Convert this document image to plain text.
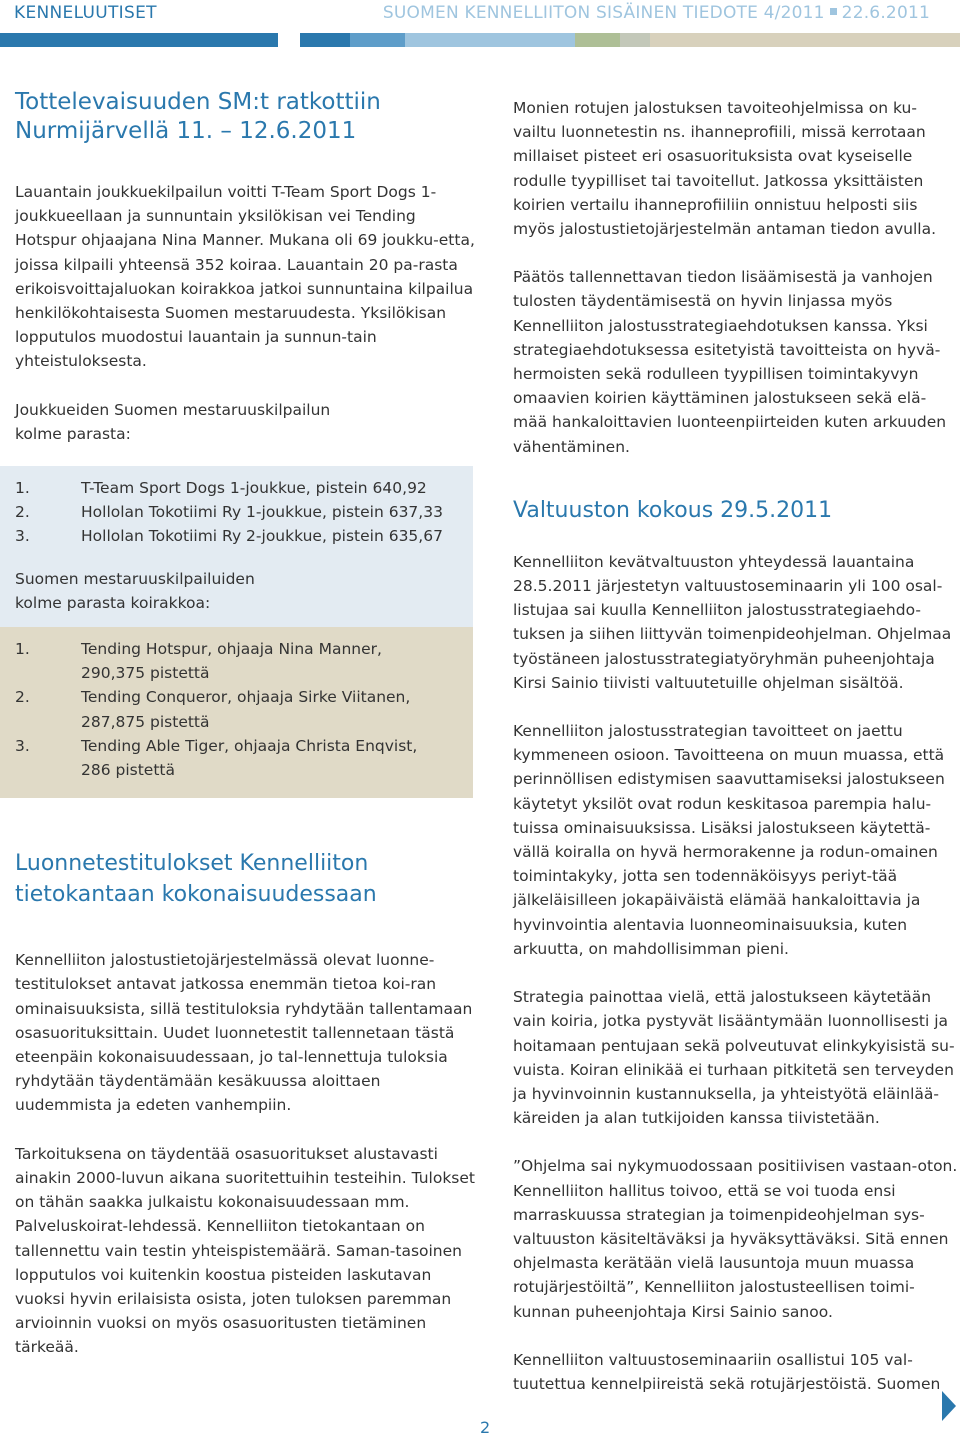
KENNELUUTISET	SUOMEN KENNELLIITON SISÄINEN TIEDOTE 4/2011 22.6.2011
Tottelevaisuuden SM:t ratkottiin
Nurmijärvellä 11. – 12.6.2011

Lauantain joukkuekilpailun voitti T-Team Sport Dogs 1-joukkueellaan ja sunnuntain yksilökisan vei Tending Hotspur ohjaajana Nina Manner. Mukana oli 69 joukku-etta, joissa kilpaili yhteensä 352 koiraa. Lauantain 20 pa-rasta erikoisvoittajaluokan koirakkoa jatkoi sunnuntaina kilpailua henkilökohtaisesta Suomen mestaruudesta. Yksilökisan lopputulos muodostui lauantain ja sunnun-tain yhteistuloksesta.

Joukkueiden Suomen mestaruuskilpailun
kolme parasta:
1.	T-Team Sport Dogs 1-joukkue, pistein 640,92
2.	Hollolan Tokotiimi Ry 1-joukkue, pistein 637,33
3.	Hollolan Tokotiimi Ry 2-joukkue, pistein 635,67
Suomen mestaruuskilpailuiden
kolme parasta koirakkoa:
1.	Tending Hotspur, ohjaaja Nina Manner,
290,375 pistettä
2.	Tending Conqueror, ohjaaja Sirke Viitanen,
287,875 pistettä
3.	Tending Able Tiger, ohjaaja Christa Enqvist,
286 pistettä
Luonnetestitulokset Kennelliiton
tietokantaan kokonaisuudessaan

Kennelliiton jalostustietojärjestelmässä olevat luonne-testitulokset antavat jatkossa enemmän tietoa koi-ran ominaisuuksista, sillä testituloksia ryhdytään tallentamaan osasuorituksittain. Uudet luonnetestit tallennetaan tästä eteenpäin kokonaisuudessaan, jo tal-lennettuja tuloksia ryhdytään täydentämään kesäkuussa aloittaen uudemmista ja edeten vanhempiin.

Tarkoituksena on täydentää osasuoritukset alustavasti ainakin 2000-luvun aikana suoritettuihin testeihin. Tulokset on tähän saakka julkaistu kokonaisuudessaan mm. Palveluskoirat-lehdessä. Kennelliiton tietokantaan on tallennettu vain testin yhteispistemäärä. Saman-tasoinen lopputulos voi kuitenkin koostua pisteiden laskutavan vuoksi hyvin erilaisista osista, joten tuloksen paremman arvioinnin vuoksi on myös osasuoritusten tietäminen tärkeää.

Monien rotujen jalostuksen tavoiteohjelmissa on ku-vailtu luonnetestin ns. ihanneprofiili, missä kerrotaan millaiset pisteet eri osasuorituksista ovat kyseiselle rodulle tyypilliset tai tavoitellut. Jatkossa yksittäisten koirien vertailu ihanneprofiiliin onnistuu helposti siis myös jalostustietojärjestelmän antaman tiedon avulla.

Päätös tallennettavan tiedon lisäämisestä ja vanhojen tulosten täydentämisestä on hyvin linjassa myös Kennelliiton jalostusstrategiaehdotuksen kanssa. Yksi strategiaehdotuksessa esitetyistä tavoitteista on hyvä-hermoisten sekä rodulleen tyypillisen toimintakyvyn omaavien koirien käyttäminen jalostukseen sekä elä-mää hankaloittavien luonteenpiirteiden kuten arkuuden vähentäminen.

Valtuuston kokous 29.5.2011

Kennelliiton kevätvaltuuston yhteydessä lauantaina 28.5.2011 järjestetyn valtuustoseminaarin yli 100 osal-listujaa sai kuulla Kennelliiton jalostusstrategiaehdo-tuksen ja siihen liittyvän toimenpideohjelman. Ohjelmaa työstäneen jalostusstrategiatyöryhmän puheenjohtaja Kirsi Sainio tiivisti valtuutetuille ohjelman sisältöä.

Kennelliiton jalostusstrategian tavoitteet on jaettu kymmeneen osioon. Tavoitteena on muun muassa, että perinnöllisen edistymisen saavuttamiseksi jalostukseen käytetyt yksilöt ovat rodun keskitasoa parempia halu-tuissa ominaisuuksissa. Lisäksi jalostukseen käytettä-vällä koiralla on hyvä hermorakenne ja rodun-omainen toimintakyky, jotta sen todennäköisyys periyt-tää jälkeläisilleen jokapäiväistä elämää hankaloittavia ja hyvinvointia alentavia luonneominaisuuksia, kuten arkuutta, on mahdollisimman pieni.

Strategia painottaa vielä, että jalostukseen käytetään vain koiria, jotka pystyvät lisääntymään luonnollisesti ja hoitamaan pentujaan sekä polveutuvat elinkykyisistä su-vuista. Koiran elinikää ei turhaan pitkitetä sen terveyden ja hyvinvoinnin kustannuksella, ja yhteistyötä eläinlää-käreiden ja alan tutkijoiden kanssa tiivistetään.

”Ohjelma sai nykymuodossaan positiivisen vastaan-oton. Kennelliiton hallitus toivoo, että se voi tuoda ensi marraskuussa strategian ja toimenpideohjelman sys-valtuuston käsiteltäväksi ja hyväksyttäväksi. Sitä ennen ohjelmasta kerätään vielä lausuntoja muun muassa rotujärjestöiltä”, Kennelliiton jalostusteellisen toimi-kunnan puheenjohtaja Kirsi Sainio sanoo.

Kennelliiton valtuustoseminaariin osallistui 105 val-tuutettua kennelpiireistä sekä rotujärjestöistä. Suomen

2
